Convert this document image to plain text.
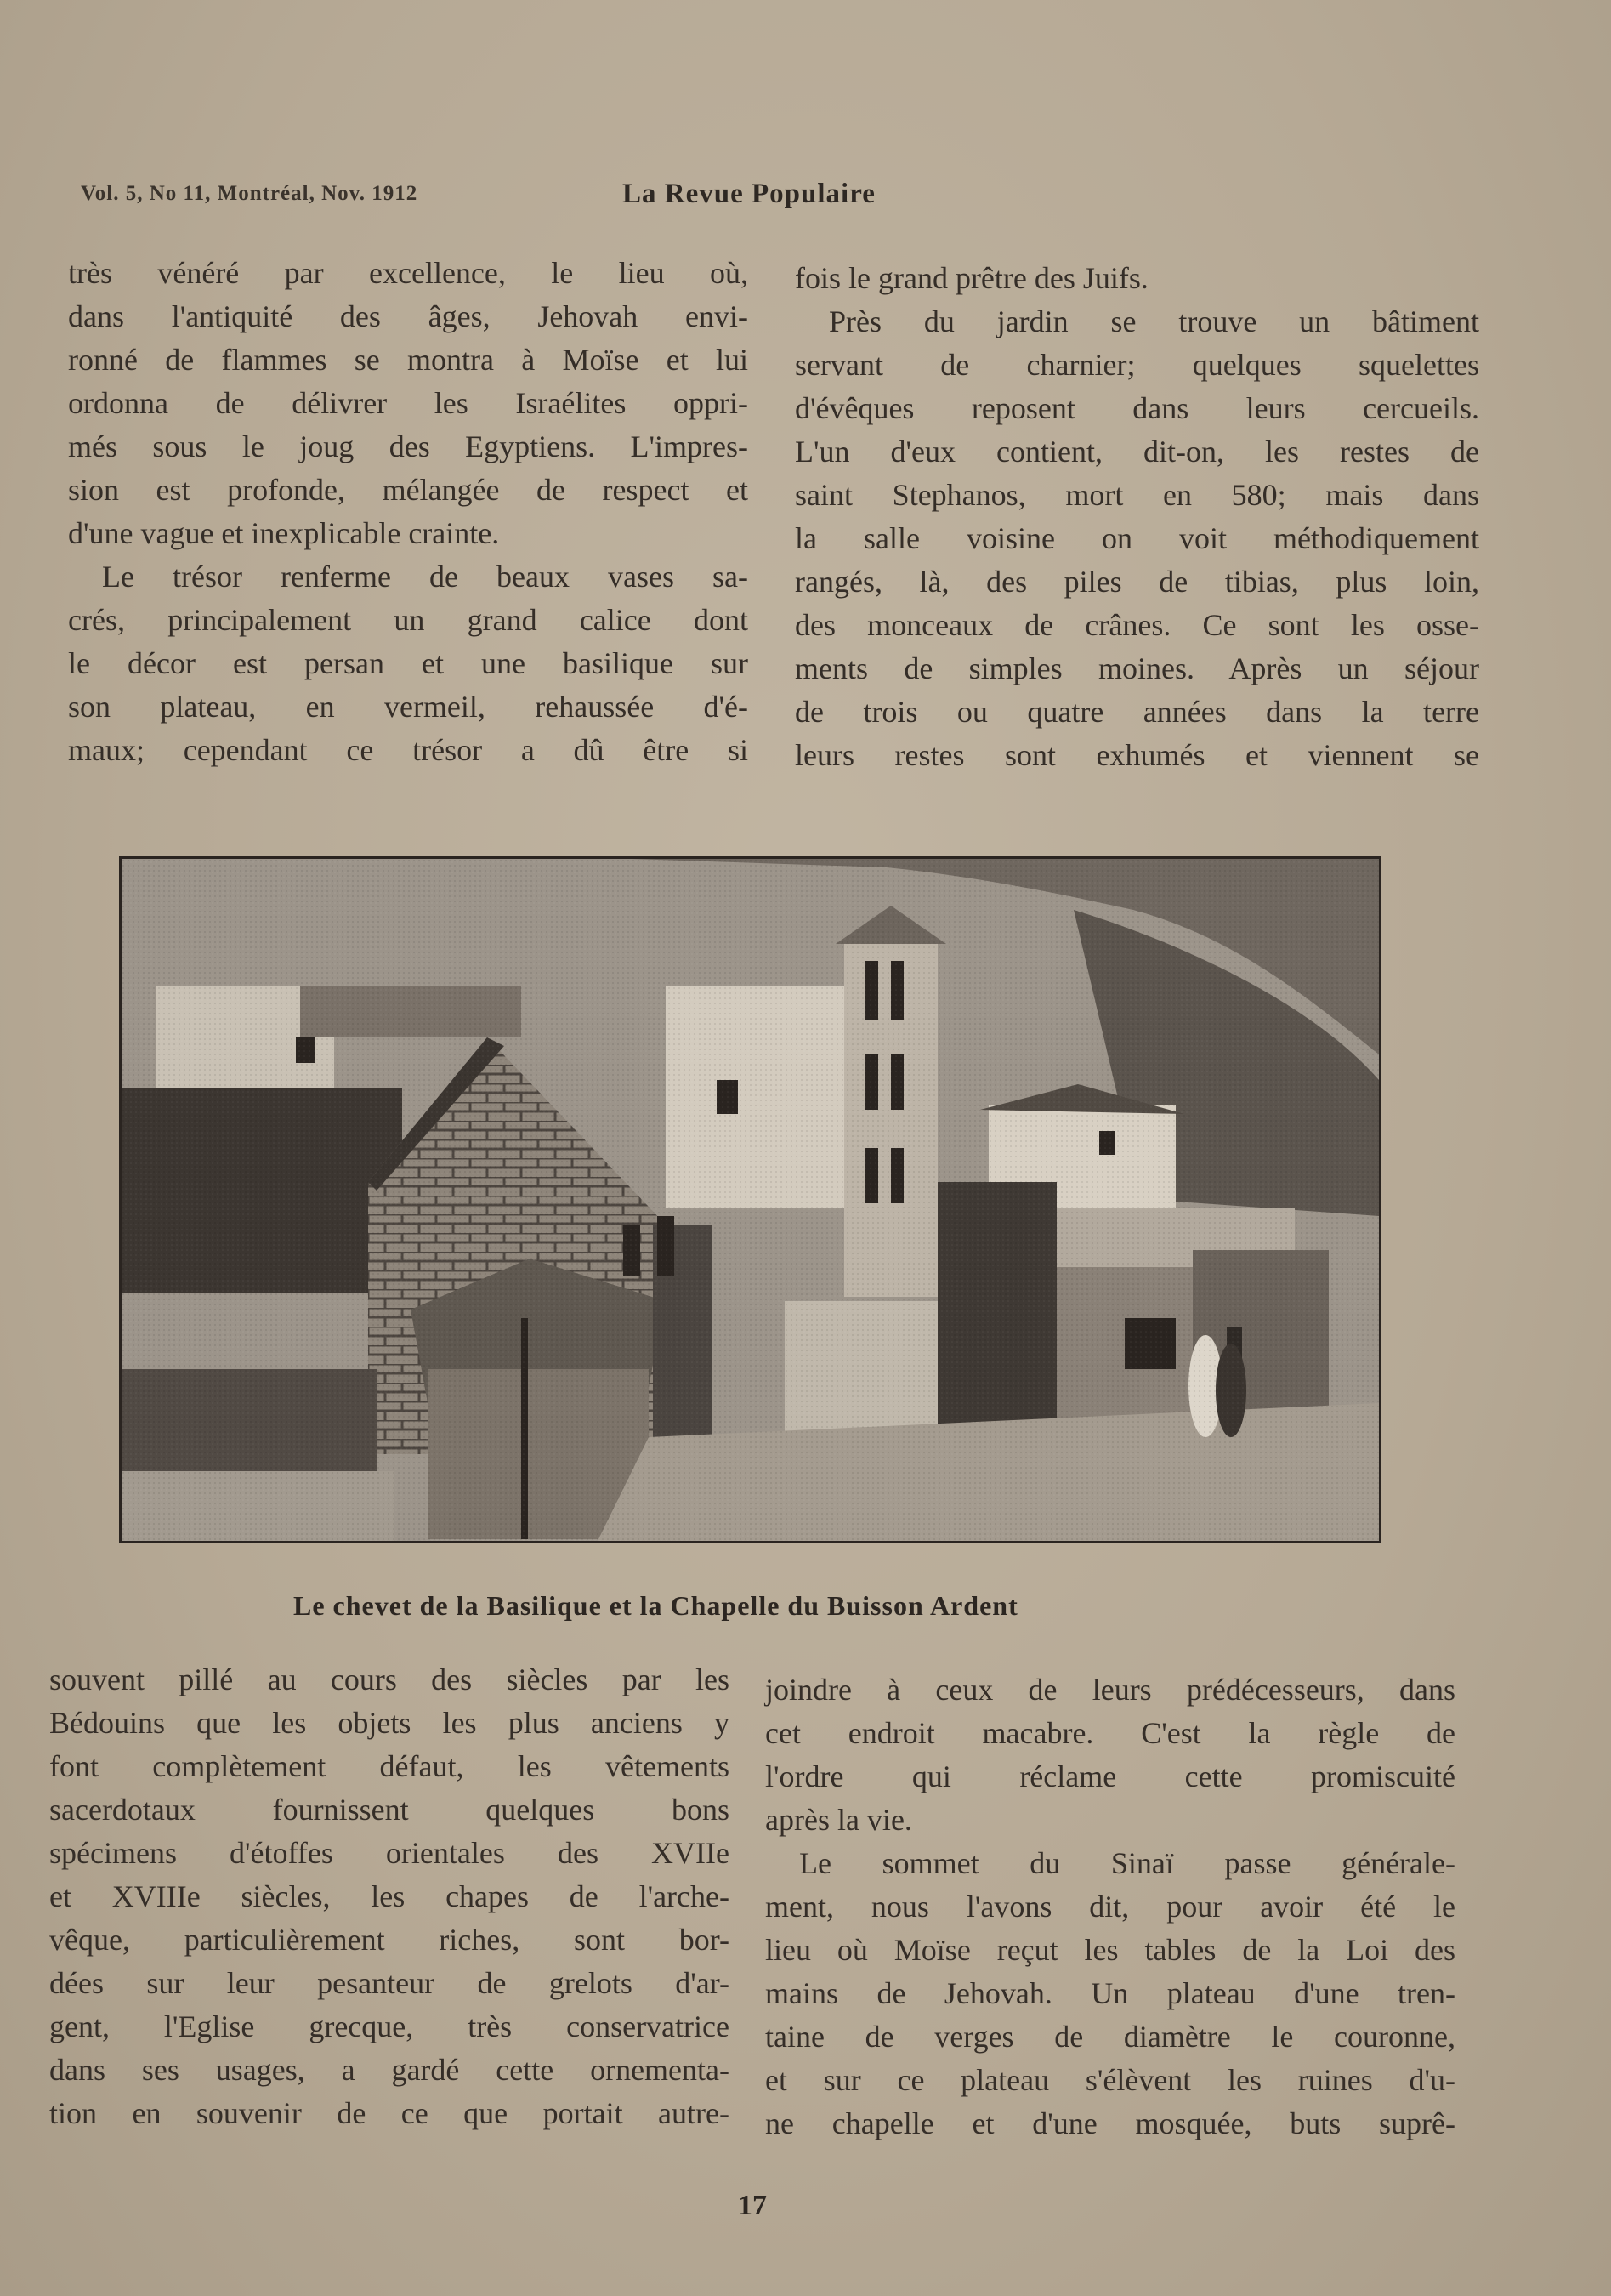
Vol. 5, No 11, Montréal, Nov. 1912	La Revue Populaire
très vénéré par excellence, le lieu où,
dans l'antiquité des âges, Jehovah envi-
ronné de flammes se montra à Moïse et lui
ordonna de délivrer les Israélites oppri-
més sous le joug des Egyptiens. L'impres-
sion est profonde, mélangée de respect et
d'une vague et inexplicable crainte.
Le trésor renferme de beaux vases sa-
crés, principalement un grand calice dont
le décor est persan et une basilique sur
son plateau, en vermeil, rehaussée d'é-
maux; cependant ce trésor a dû être si
fois le grand prêtre des Juifs.
Près du jardin se trouve un bâtiment
servant de charnier; quelques squelettes
d'évêques reposent dans leurs cercueils.
L'un d'eux contient, dit-on, les restes de
saint Stephanos, mort en 580; mais dans
la salle voisine on voit méthodiquement
rangés, là, des piles de tibias, plus loin,
des monceaux de crânes. Ce sont les osse-
ments de simples moines. Après un séjour
de trois ou quatre années dans la terre
leurs restes sont exhumés et viennent se
Le chevet de la Basilique et la Chapelle du Buisson Ardent
souvent pillé au cours des siècles par les
Bédouins que les objets les plus anciens y
font complètement défaut, les vêtements
sacerdotaux fournissent quelques bons
spécimens d'étoffes orientales des XVIIe
et XVIIIe siècles, les chapes de l'arche-
vêque, particulièrement riches, sont bor-
dées sur leur pesanteur de grelots d'ar-
gent, l'Eglise grecque, très conservatrice
dans ses usages, a gardé cette ornementa-
tion en souvenir de ce que portait autre-
joindre à ceux de leurs prédécesseurs, dans
cet endroit macabre. C'est la règle de
l'ordre qui réclame cette promiscuité
après la vie.
Le sommet du Sinaï passe générale-
ment, nous l'avons dit, pour avoir été le
lieu où Moïse reçut les tables de la Loi des
mains de Jehovah. Un plateau d'une tren-
taine de verges de diamètre le couronne,
et sur ce plateau s'élèvent les ruines d'u-
ne chapelle et d'une mosquée, buts suprê-
17
